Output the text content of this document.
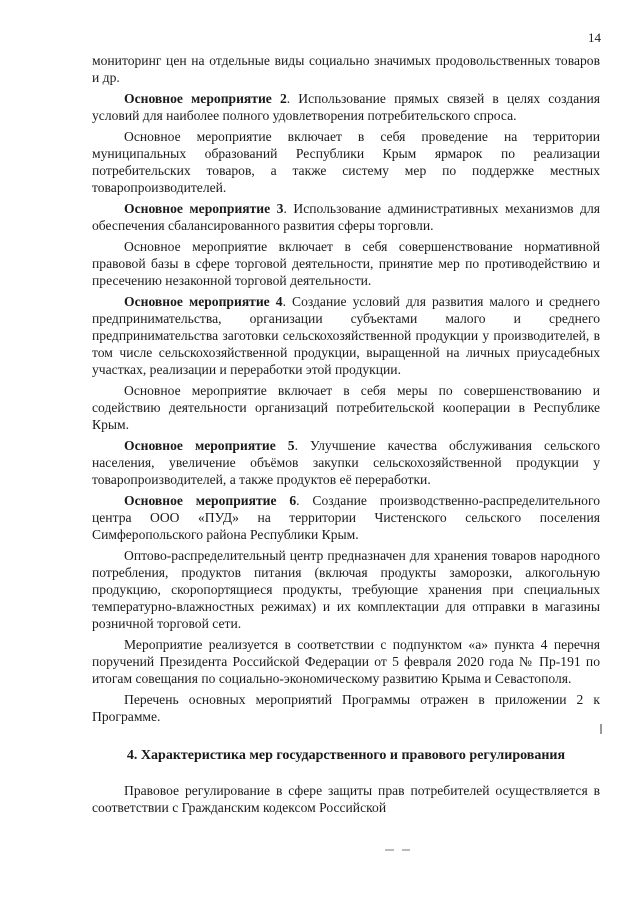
14

мониторинг цен на отдельные виды социально значимых продовольственных товаров и др.

Основное мероприятие 2. Использование прямых связей в целях создания условий для наиболее полного удовлетворения потребительского спроса.

Основное мероприятие включает в себя проведение на территории муниципальных образований Республики Крым ярмарок по реализации потребительских товаров, а также систему мер по поддержке местных товаропроизводителей.

Основное мероприятие 3. Использование административных механизмов для обеспечения сбалансированного развития сферы торговли.

Основное мероприятие включает в себя совершенствование нормативной правовой базы в сфере торговой деятельности, принятие мер по противодействию и пресечению незаконной торговой деятельности.

Основное мероприятие 4. Создание условий для развития малого и среднего предпринимательства, организации субъектами малого и среднего предпринимательства заготовки сельскохозяйственной продукции у производителей, в том числе сельскохозяйственной продукции, выращенной на личных приусадебных участках, реализации и переработки этой продукции.

Основное мероприятие включает в себя меры по совершенствованию и содействию деятельности организаций потребительской кооперации в Республике Крым.

Основное мероприятие 5. Улучшение качества обслуживания сельского населения, увеличение объёмов закупки сельскохозяйственной продукции у товаропроизводителей, а также продуктов её переработки.

Основное мероприятие 6. Создание производственно-распределительного центра ООО «ПУД» на территории Чистенского сельского поселения Симферопольского района Республики Крым.

Оптово-распределительный центр предназначен для хранения товаров народного потребления, продуктов питания (включая продукты заморозки, алкогольную продукцию, скоропортящиеся продукты, требующие хранения при специальных температурно-влажностных режимах) и их комплектации для отправки в магазины розничной торговой сети.

Мероприятие реализуется в соответствии с подпунктом «а» пункта 4 перечня поручений Президента Российской Федерации от 5 февраля 2020 года № Пр-191 по итогам совещания по социально-экономическому развитию Крыма и Севастополя.

Перечень основных мероприятий Программы отражен в приложении 2 к Программе.

4. Характеристика мер государственного и правового регулирования

Правовое регулирование в сфере защиты прав потребителей осуществляется в соответствии с Гражданским кодексом Российской
